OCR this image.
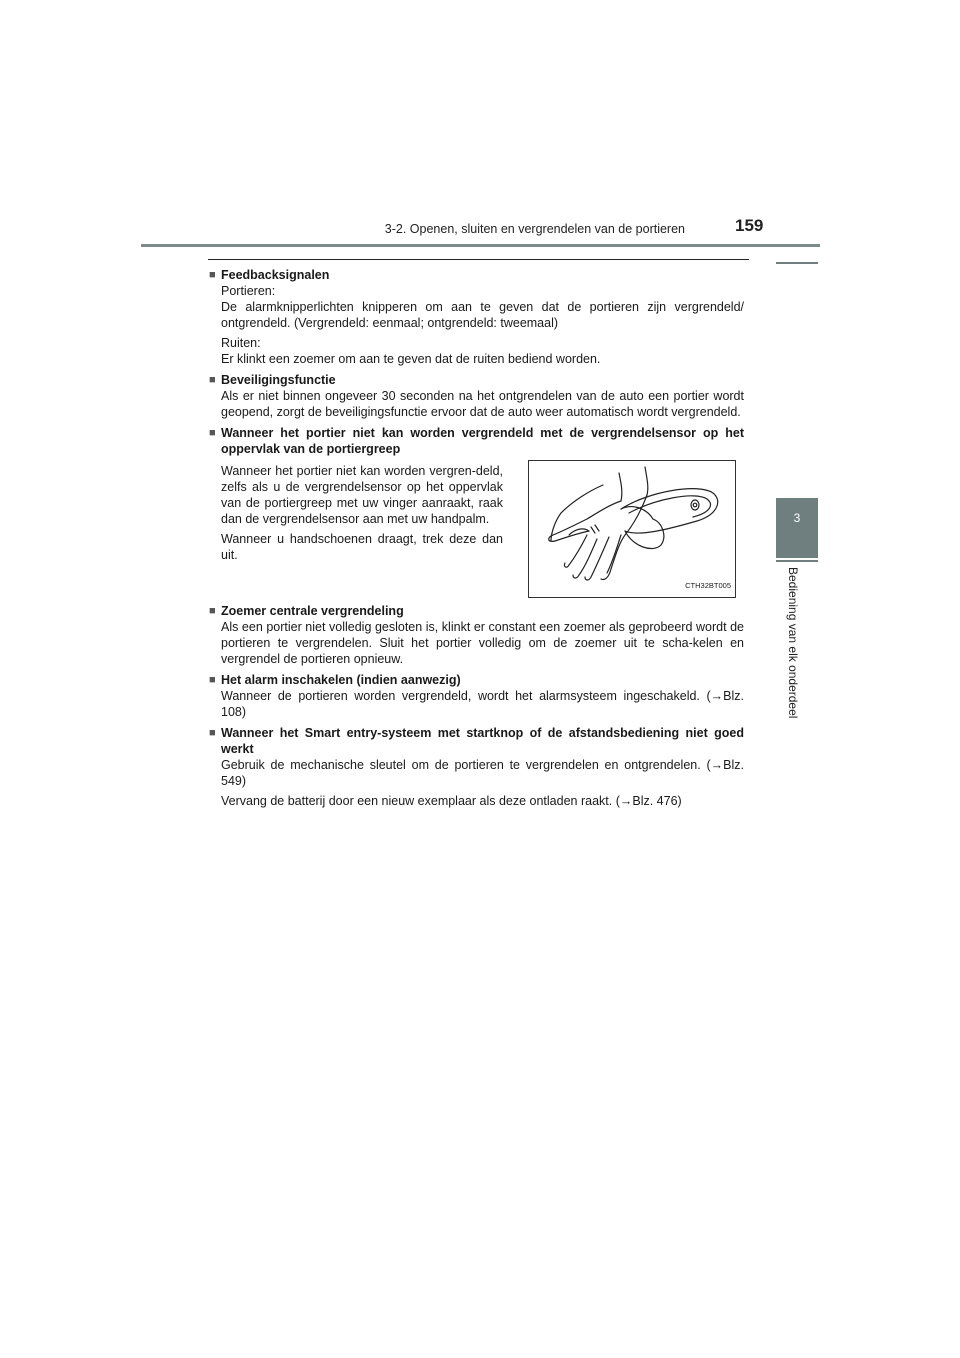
3-2. Openen, sluiten en vergrendelen van de portieren	159
3
Bediening van elk onderdeel
■ Feedbacksignalen

Portieren:
De alarmknipperlichten knipperen om aan te geven dat de portieren zijn vergrendeld/ ontgrendeld. (Vergrendeld: eenmaal; ontgrendeld: tweemaal)

Ruiten:
Er klinkt een zoemer om aan te geven dat de ruiten bediend worden.

■ Beveiligingsfunctie

Als er niet binnen ongeveer 30 seconden na het ontgrendelen van de auto een portier wordt geopend, zorgt de beveiligingsfunctie ervoor dat de auto weer automatisch wordt vergrendeld.

■ Wanneer het portier niet kan worden vergrendeld met de vergrendelsensor op het oppervlak van de portiergreep

Wanneer het portier niet kan worden vergren-deld, zelfs als u de vergrendelsensor op het oppervlak van de portiergreep met uw vinger aanraakt, raak dan de vergrendelsensor aan met uw handpalm.

Wanneer u handschoenen draagt, trek deze dan uit.

CTH32BT005
■ Zoemer centrale vergrendeling

Als een portier niet volledig gesloten is, klinkt er constant een zoemer als geprobeerd wordt de portieren te vergrendelen. Sluit het portier volledig om de zoemer uit te scha-kelen en vergrendel de portieren opnieuw.

■ Het alarm inschakelen (indien aanwezig)

Wanneer de portieren worden vergrendeld, wordt het alarmsysteem ingeschakeld. (→Blz. 108)

■ Wanneer het Smart entry-systeem met startknop of de afstandsbediening niet goed werkt

Gebruik de mechanische sleutel om de portieren te vergrendelen en ontgrendelen. (→Blz. 549)

Vervang de batterij door een nieuw exemplaar als deze ontladen raakt. (→Blz. 476)
